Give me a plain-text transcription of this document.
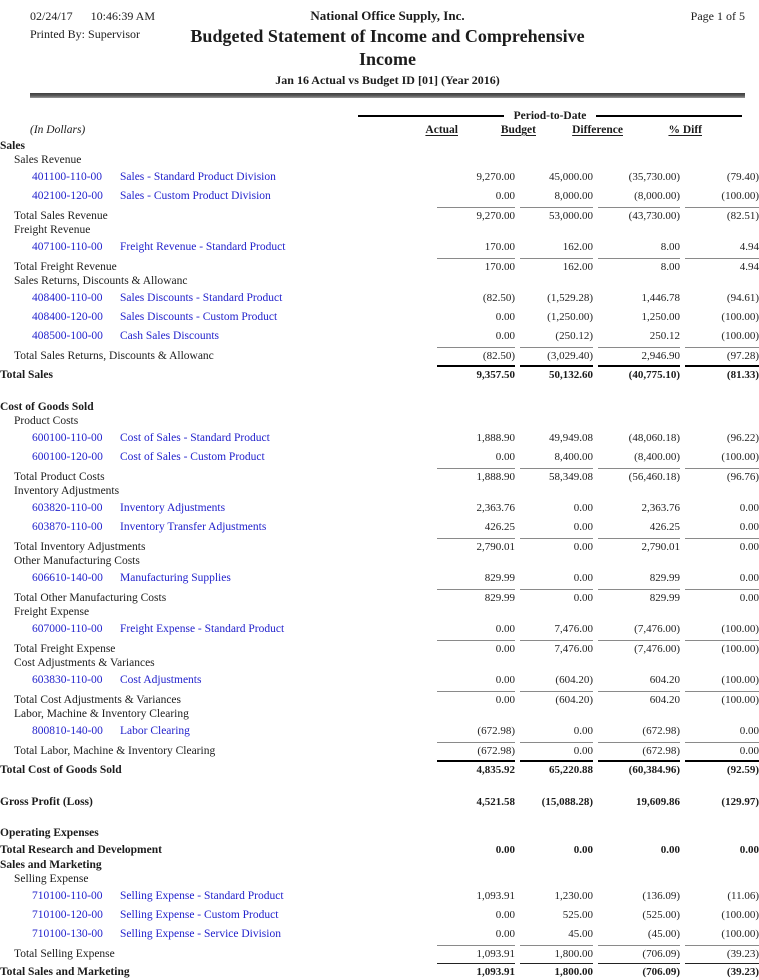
02/24/17 10:46:39 AM	National Office Supply, Inc.	Page 1 of 5
Printed By: Supervisor	Budgeted Statement of Income and Comprehensive
Income
Jan 16 Actual vs Budget ID [01] (Year 2016)
Period-to-Date
(In Dollars)	Actual	Budget	Difference	% Diff
Sales
Sales Revenue
401100-110-00	Sales - Standard Product Division	9,270.00	45,000.00	(35,730.00)	(79.40)
402100-120-00	Sales - Custom Product Division	0.00	8,000.00	(8,000.00)	(100.00)
Total Sales Revenue	9,270.00	53,000.00	(43,730.00)	(82.51)
Freight Revenue
407100-110-00	Freight Revenue - Standard Product	170.00	162.00	8.00	4.94
Total Freight Revenue	170.00	162.00	8.00	4.94
Sales Returns, Discounts & Allowanc
408400-110-00	Sales Discounts - Standard Product	(82.50)	(1,529.28)	1,446.78	(94.61)
408400-120-00	Sales Discounts - Custom Product	0.00	(1,250.00)	1,250.00	(100.00)
408500-100-00	Cash Sales Discounts	0.00	(250.12)	250.12	(100.00)
Total Sales Returns, Discounts & Allowanc	(82.50)	(3,029.40)	2,946.90	(97.28)
Total Sales	9,357.50	50,132.60	(40,775.10)	(81.33)
Cost of Goods Sold
Product Costs
600100-110-00	Cost of Sales - Standard Product	1,888.90	49,949.08	(48,060.18)	(96.22)
600100-120-00	Cost of Sales - Custom Product	0.00	8,400.00	(8,400.00)	(100.00)
Total Product Costs	1,888.90	58,349.08	(56,460.18)	(96.76)
Inventory Adjustments
603820-110-00	Inventory Adjustments	2,363.76	0.00	2,363.76	0.00
603870-110-00	Inventory Transfer Adjustments	426.25	0.00	426.25	0.00
Total Inventory Adjustments	2,790.01	0.00	2,790.01	0.00
Other Manufacturing Costs
606610-140-00	Manufacturing Supplies	829.99	0.00	829.99	0.00
Total Other Manufacturing Costs	829.99	0.00	829.99	0.00
Freight Expense
607000-110-00	Freight Expense - Standard Product	0.00	7,476.00	(7,476.00)	(100.00)
Total Freight Expense	0.00	7,476.00	(7,476.00)	(100.00)
Cost Adjustments & Variances
603830-110-00	Cost Adjustments	0.00	(604.20)	604.20	(100.00)
Total Cost Adjustments & Variances	0.00	(604.20)	604.20	(100.00)
Labor, Machine & Inventory Clearing
800810-140-00	Labor Clearing	(672.98)	0.00	(672.98)	0.00
Total Labor, Machine & Inventory Clearing	(672.98)	0.00	(672.98)	0.00
Total Cost of Goods Sold	4,835.92	65,220.88	(60,384.96)	(92.59)
Gross Profit (Loss)	4,521.58	(15,088.28)	19,609.86	(129.97)
Operating Expenses
Total Research and Development	0.00	0.00	0.00	0.00
Sales and Marketing
Selling Expense
710100-110-00	Selling Expense - Standard Product	1,093.91	1,230.00	(136.09)	(11.06)
710100-120-00	Selling Expense - Custom Product	0.00	525.00	(525.00)	(100.00)
710100-130-00	Selling Expense - Service Division	0.00	45.00	(45.00)	(100.00)
Total Selling Expense	1,093.91	1,800.00	(706.09)	(39.23)
Total Sales and Marketing	1,093.91	1,800.00	(706.09)	(39.23)
